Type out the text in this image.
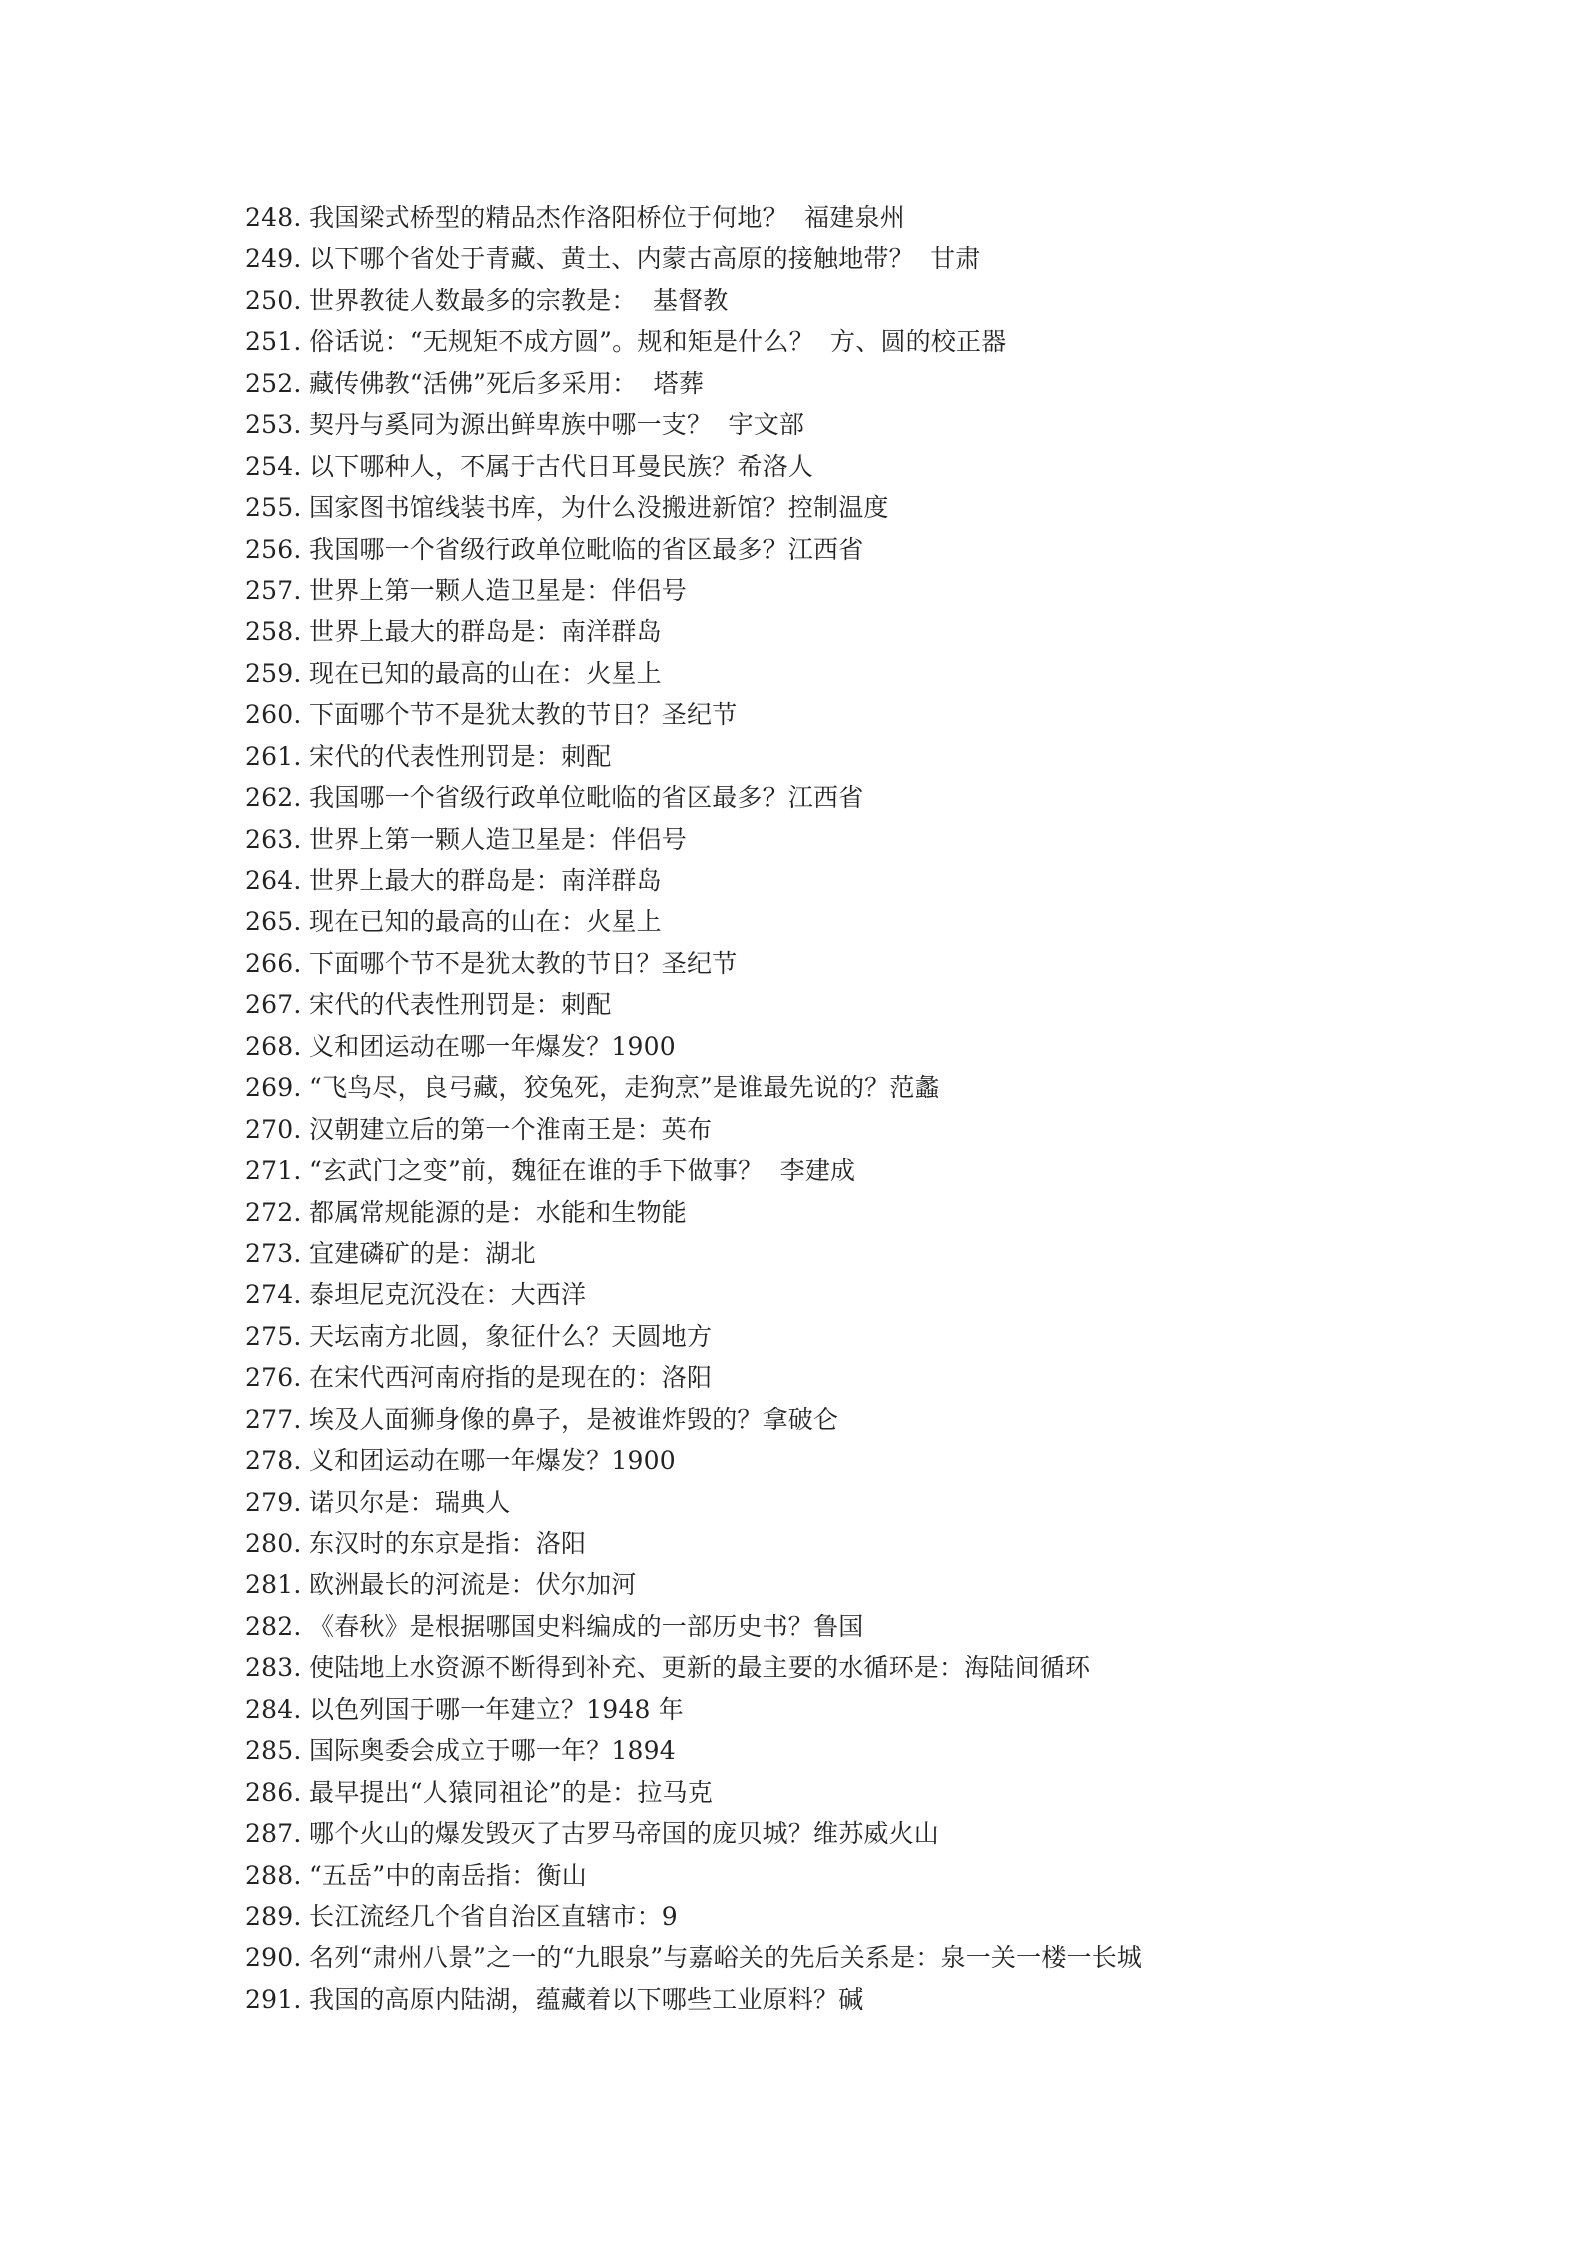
248. 我国梁式桥型的精品杰作洛阳桥位于何地？  福建泉州
249. 以下哪个省处于青藏、黄土、内蒙古高原的接触地带？  甘肃
250. 世界教徒人数最多的宗教是：  基督教
251. 俗话说：“无规矩不成方圆”。规和矩是什么？  方、圆的校正器
252. 藏传佛教“活佛”死后多采用：  塔葬
253. 契丹与奚同为源出鲜卑族中哪一支？  宇文部
254. 以下哪种人，不属于古代日耳曼民族？希洛人
255. 国家图书馆线装书库，为什么没搬进新馆？控制温度
256. 我国哪一个省级行政单位毗临的省区最多？江西省
257. 世界上第一颗人造卫星是：伴侣号
258. 世界上最大的群岛是：南洋群岛
259. 现在已知的最高的山在：火星上
260. 下面哪个节不是犹太教的节日？圣纪节
261. 宋代的代表性刑罚是：刺配
262. 我国哪一个省级行政单位毗临的省区最多？江西省
263. 世界上第一颗人造卫星是：伴侣号
264. 世界上最大的群岛是：南洋群岛
265. 现在已知的最高的山在：火星上
266. 下面哪个节不是犹太教的节日？圣纪节
267. 宋代的代表性刑罚是：刺配
268. 义和团运动在哪一年爆发？1900
269. “飞鸟尽，良弓藏，狡兔死，走狗烹”是谁最先说的？范蠡
270. 汉朝建立后的第一个淮南王是：英布
271. “玄武门之变”前，魏征在谁的手下做事？  李建成
272. 都属常规能源的是：水能和生物能
273. 宜建磷矿的是：湖北
274. 泰坦尼克沉没在：大西洋
275. 天坛南方北圆，象征什么？天圆地方
276. 在宋代西河南府指的是现在的：洛阳
277. 埃及人面狮身像的鼻子，是被谁炸毁的？拿破仑
278. 义和团运动在哪一年爆发？1900
279. 诺贝尔是：瑞典人
280. 东汉时的东京是指：洛阳
281. 欧洲最长的河流是：伏尔加河
282. 《春秋》是根据哪国史料编成的一部历史书？鲁国
283. 使陆地上水资源不断得到补充、更新的最主要的水循环是：海陆间循环
284. 以色列国于哪一年建立？1948 年
285. 国际奥委会成立于哪一年？1894
286. 最早提出“人猿同祖论”的是：拉马克
287. 哪个火山的爆发毁灭了古罗马帝国的庞贝城？维苏威火山
288. “五岳”中的南岳指：衡山
289. 长江流经几个省自治区直辖市：9
290. 名列“肃州八景”之一的“九眼泉”与嘉峪关的先后关系是：泉一关一楼一长城
291. 我国的高原内陆湖，蕴藏着以下哪些工业原料？碱
